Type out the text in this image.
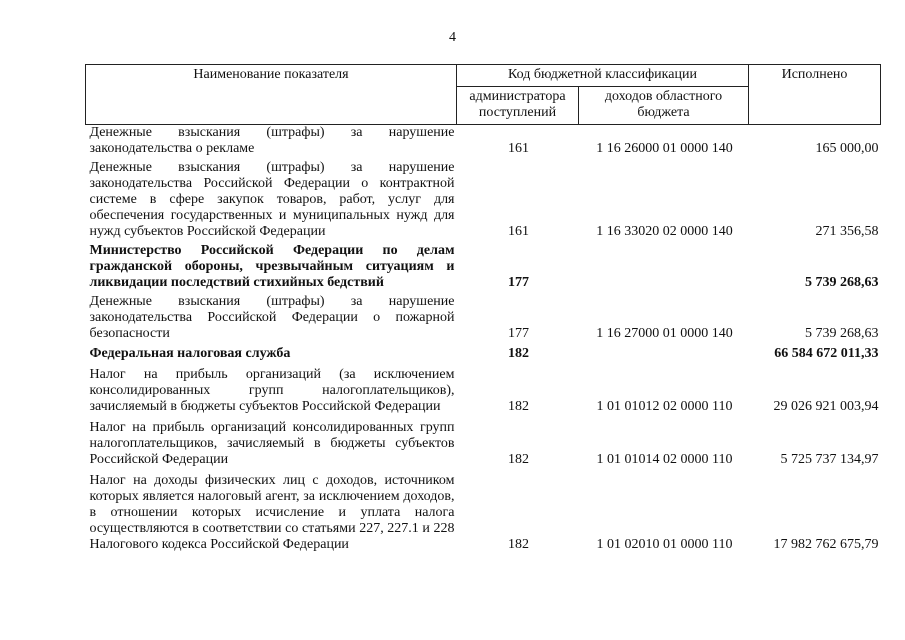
4
Наименование показателя	Код бюджетной классификации		Исполнено
	администратора поступлений	доходов областного бюджета	
Денежные взыскания (штрафы) за нарушение законодательства о рекламе	161	1 16 26000 01 0000 140	165 000,00
Денежные взыскания (штрафы) за нарушение законодательства Российской Федерации о контрактной системе в сфере закупок товаров, работ, услуг для обеспечения государственных и муниципальных нужд для нужд субъектов Российской Федерации	161	1 16 33020 02 0000 140	271 356,58
Министерство Российской Федерации по делам гражданской обороны, чрезвычайным ситуациям и ликвидации последствий стихийных бедствий	177		5 739 268,63
Денежные взыскания (штрафы) за нарушение законодательства Российской Федерации о пожарной безопасности	177	1 16 27000 01 0000 140	5 739 268,63
Федеральная налоговая служба	182		66 584 672 011,33
Налог на прибыль организаций (за исключением консолидированных групп налогоплательщиков), зачисляемый в бюджеты субъектов Российской Федерации	182	1 01 01012 02 0000 110	29 026 921 003,94
Налог на прибыль организаций консолидированных групп налогоплательщиков, зачисляемый в бюджеты субъектов Российской Федерации	182	1 01 01014 02 0000 110	5 725 737 134,97
Налог на доходы физических лиц с доходов, источником которых является налоговый агент, за исключением доходов, в отношении которых исчисление и уплата налога осуществляются в соответствии со статьями 227, 227.1 и 228 Налогового кодекса Российской Федерации	182	1 01 02010 01 0000 110	17 982 762 675,79
